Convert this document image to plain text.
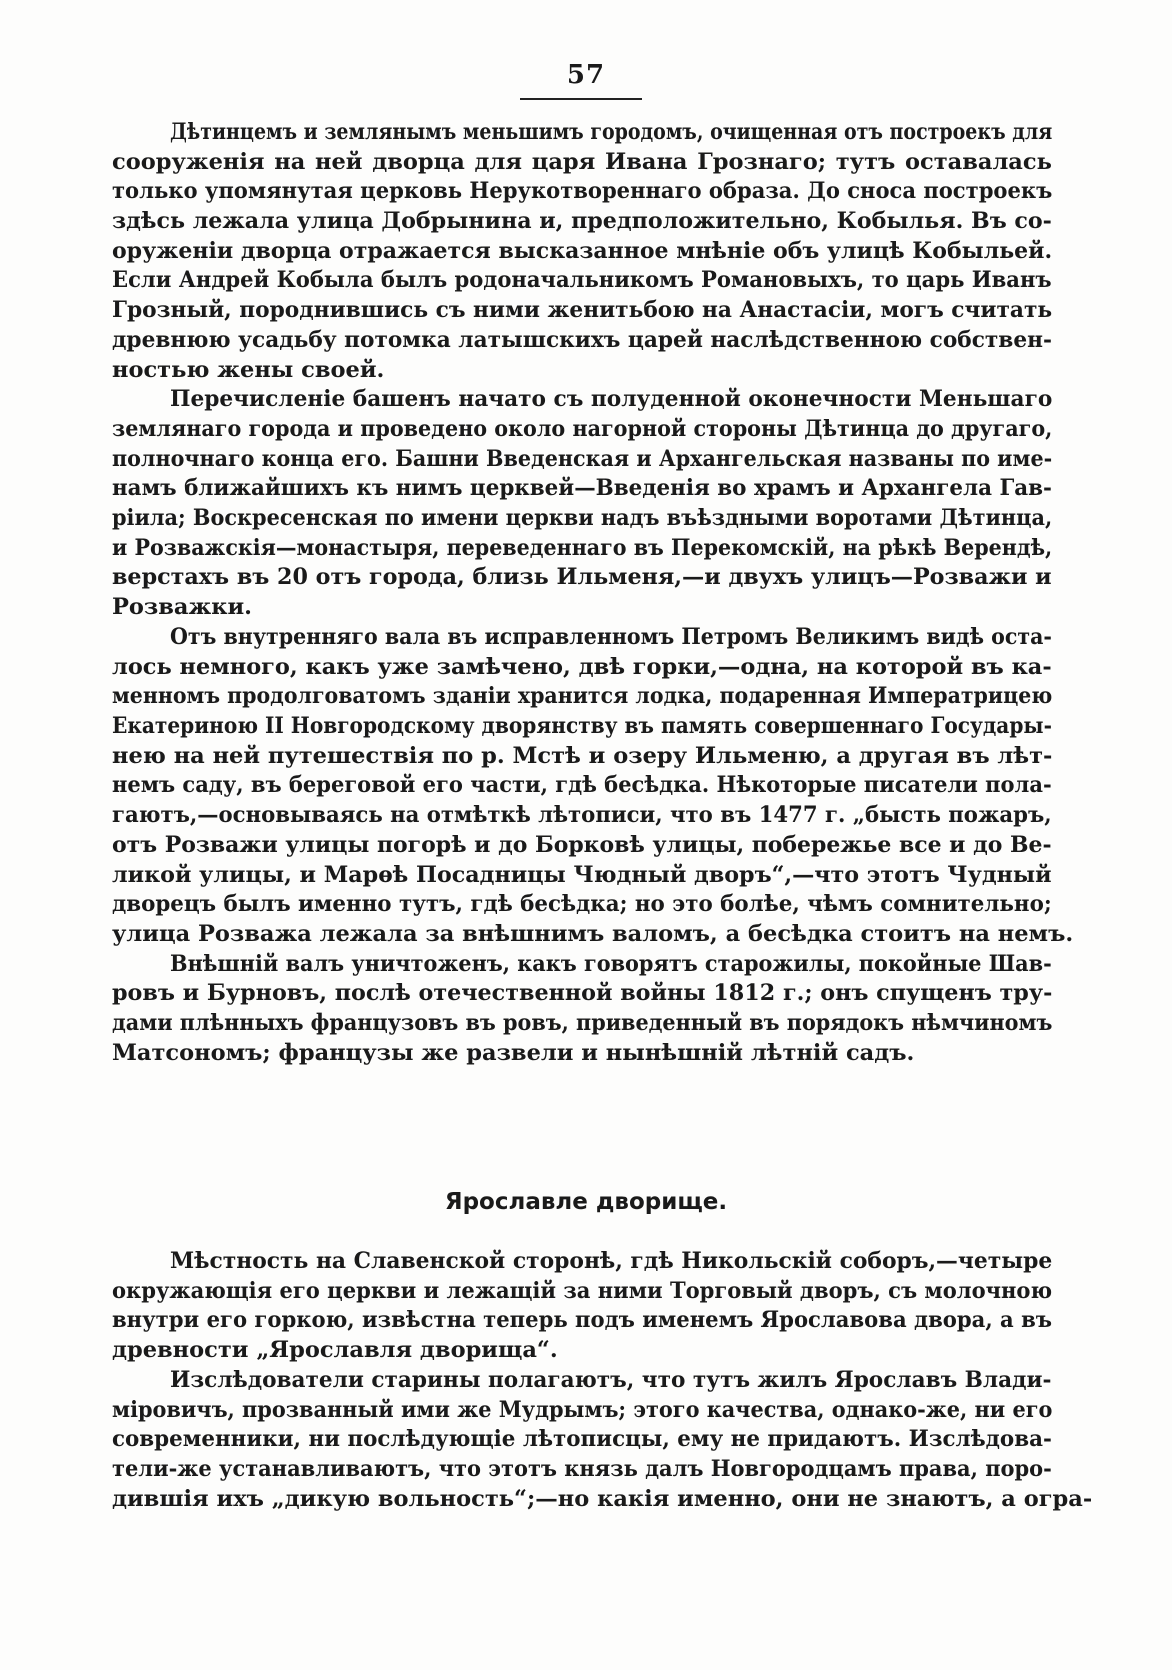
57
Дѣтинцемъ и землянымъ меньшимъ городомъ, очищенная отъ построекъ для
сооруженія на ней дворца для царя Ивана Грознаго; тутъ оставалась
только упомянутая церковь Нерукотвореннаго образа. До сноса построекъ
здѣсь лежала улица Добрынина и, предположительно, Кобылья. Въ со-
оруженіи дворца отражается высказанное мнѣніе объ улицѣ Кобыльей.
Если Андрей Кобыла былъ родоначальникомъ Романовыхъ, то царь Иванъ
Грозный, породнившись съ ними женитьбою на Анастасіи, могъ считать
древнюю усадьбу потомка латышскихъ царей наслѣдственною собствен-
ностью жены своей.
Перечисленіе башенъ начато съ полуденной оконечности Меньшаго
землянаго города и проведено около нагорной стороны Дѣтинца до другаго,
полночнаго конца его. Башни Введенская и Архангельская названы по име-
намъ ближайшихъ къ нимъ церквей—Введенія во храмъ и Архангела Гав-
ріила; Воскресенская по имени церкви надъ въѣздными воротами Дѣтинца,
и Розважскія—монастыря, переведеннаго въ Перекомскій, на рѣкѣ Верендѣ,
верстахъ въ 20 отъ города, близь Ильменя,—и двухъ улицъ—Розважи и
Розважки.
Отъ внутренняго вала въ исправленномъ Петромъ Великимъ видѣ оста-
лось немного, какъ уже замѣчено, двѣ горки,—одна, на которой въ ка-
менномъ продолговатомъ зданіи хранится лодка, подаренная Императрицею
Екатериною II Новгородскому дворянству въ память совершеннаго Государы-
нею на ней путешествія по р. Мстѣ и озеру Ильменю, а другая въ лѣт-
немъ саду, въ береговой его части, гдѣ бесѣдка. Нѣкоторые писатели пола-
гаютъ,—основываясь на отмѣткѣ лѣтописи, что въ 1477 г. „бысть пожаръ,
отъ Розважи улицы погорѣ и до Борковѣ улицы, побережье все и до Ве-
ликой улицы, и Марѳѣ Посадницы Чюдный дворъ“,—что этотъ Чудный
дворецъ былъ именно тутъ, гдѣ бесѣдка; но это болѣе, чѣмъ сомнительно;
улица Розважа лежала за внѣшнимъ валомъ, а бесѣдка стоитъ на немъ.
Внѣшній валъ уничтоженъ, какъ говорятъ старожилы, покойные Шав-
ровъ и Бурновъ, послѣ отечественной войны 1812 г.; онъ спущенъ тру-
дами плѣнныхъ французовъ въ ровъ, приведенный въ порядокъ нѣмчиномъ
Матсономъ; французы же развели и нынѣшній лѣтній садъ.
Ярославле дворище.
Мѣстность на Славенской сторонѣ, гдѣ Никольскій соборъ,—четыре
окружающія его церкви и лежащій за ними Торговый дворъ, съ молочною
внутри его горкою, извѣстна теперь подъ именемъ Ярославова двора, а въ
древности „Ярославля дворища“.
Изслѣдователи старины полагаютъ, что тутъ жилъ Ярославъ Влади-
міровичъ, прозванный ими же Мудрымъ; этого качества, однако-же, ни его
современники, ни послѣдующіе лѣтописцы, ему не придаютъ. Изслѣдова-
тели-же устанавливаютъ, что этотъ князь далъ Новгородцамъ права, поро-
дившія ихъ „дикую вольность“;—но какія именно, они не знаютъ, а огра-
